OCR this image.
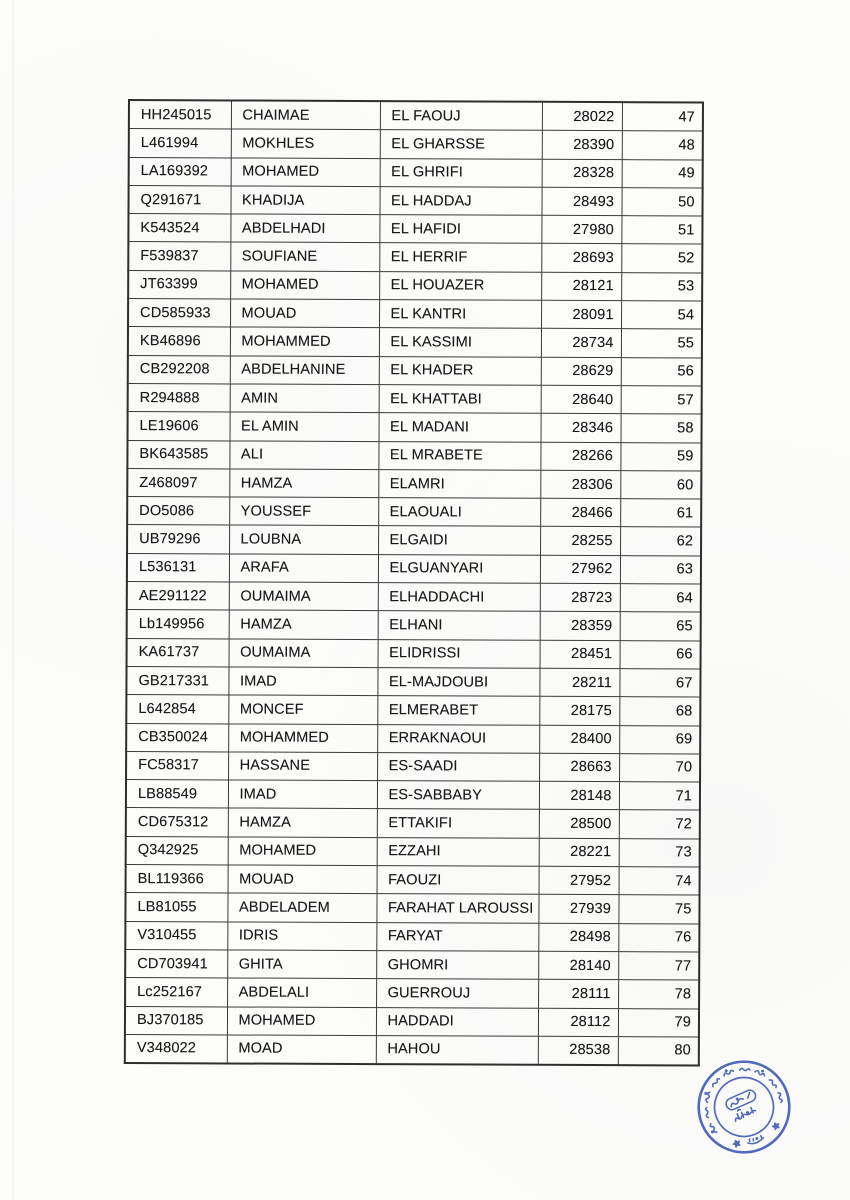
HH245015	CHAIMAE	EL FAOUJ	28022	47
L461994	MOKHLES	EL GHARSSE	28390	48
LA169392	MOHAMED	EL GHRIFI	28328	49
Q291671	KHADIJA	EL HADDAJ	28493	50
K543524	ABDELHADI	EL HAFIDI	27980	51
F539837	SOUFIANE	EL HERRIF	28693	52
JT63399	MOHAMED	EL HOUAZER	28121	53
CD585933	MOUAD	EL KANTRI	28091	54
KB46896	MOHAMMED	EL KASSIMI	28734	55
CB292208	ABDELHANINE	EL KHADER	28629	56
R294888	AMIN	EL KHATTABI	28640	57
LE19606	EL AMIN	EL MADANI	28346	58
BK643585	ALI	EL MRABETE	28266	59
Z468097	HAMZA	ELAMRI	28306	60
DO5086	YOUSSEF	ELAOUALI	28466	61
UB79296	LOUBNA	ELGAIDI	28255	62
L536131	ARAFA	ELGUANYARI	27962	63
AE291122	OUMAIMA	ELHADDACHI	28723	64
Lb149956	HAMZA	ELHANI	28359	65
KA61737	OUMAIMA	ELIDRISSI	28451	66
GB217331	IMAD	EL-MAJDOUBI	28211	67
L642854	MONCEF	ELMERABET	28175	68
CB350024	MOHAMMED	ERRAKNAOUI	28400	69
FC58317	HASSANE	ES-SAADI	28663	70
LB88549	IMAD	ES-SABBABY	28148	71
CD675312	HAMZA	ETTAKIFI	28500	72
Q342925	MOHAMED	EZZAHI	28221	73
BL119366	MOUAD	FAOUZI	27952	74
LB81055	ABDELADEM	FARAHAT LAROUSSI	27939	75
V310455	IDRIS	FARYAT	28498	76
CD703941	GHITA	GHOMRI	28140	77
Lc252167	ABDELALI	GUERROUJ	28111	78
BJ370185	MOHAMED	HADDADI	28112	79
V348022	MOAD	HAHOU	28538	80
